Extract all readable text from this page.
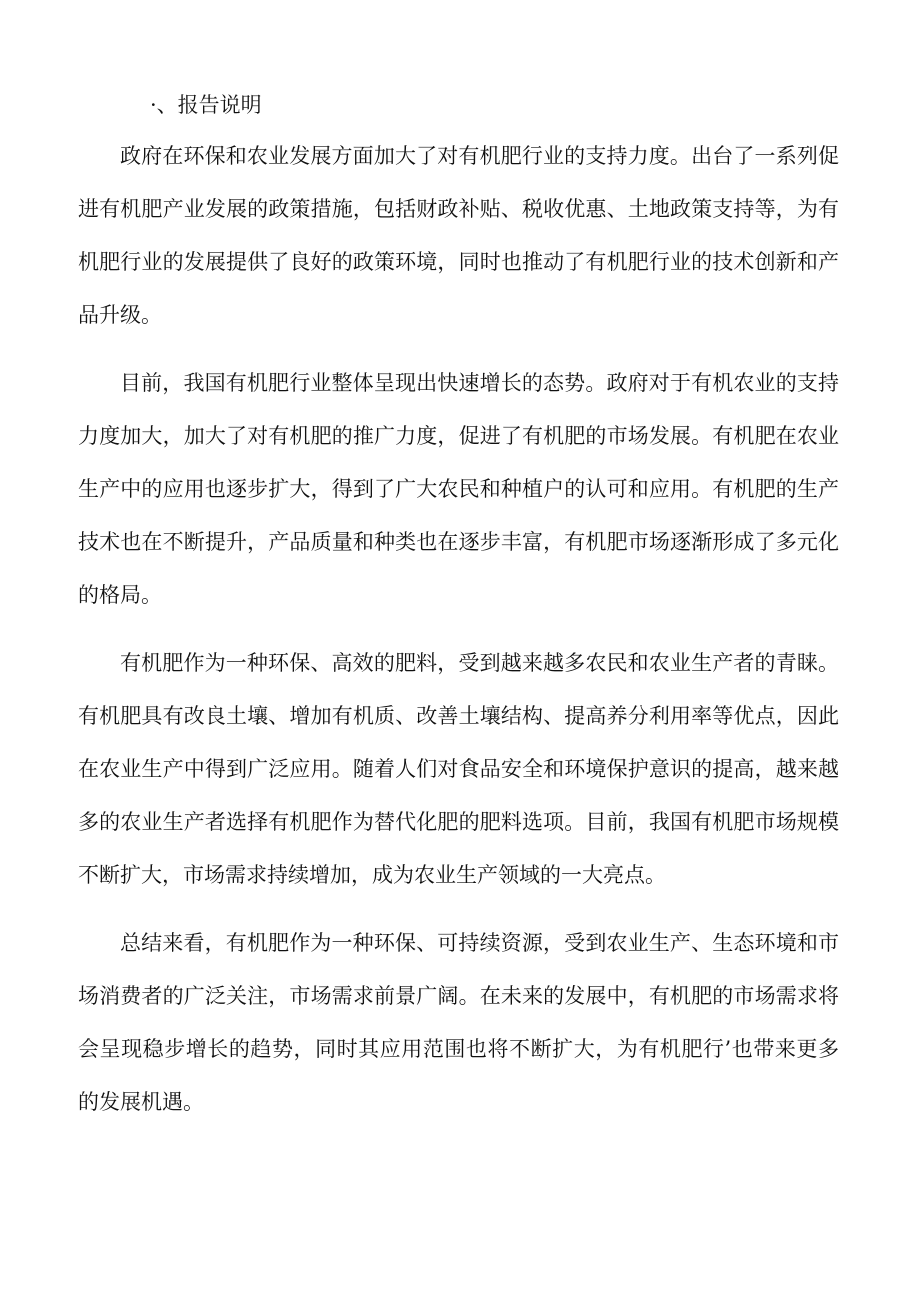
·、报告说明

政府在环保和农业发展方面加大了对有机肥行业的支持力度。出台了一系列促进有机肥产业发展的政策措施，包括财政补贴、税收优惠、土地政策支持等，为有机肥行业的发展提供了良好的政策环境，同时也推动了有机肥行业的技术创新和产品升级。

目前，我国有机肥行业整体呈现出快速增长的态势。政府对于有机农业的支持力度加大，加大了对有机肥的推广力度，促进了有机肥的市场发展。有机肥在农业生产中的应用也逐步扩大，得到了广大农民和种植户的认可和应用。有机肥的生产技术也在不断提升，产品质量和种类也在逐步丰富，有机肥市场逐渐形成了多元化的格局。

有机肥作为一种环保、高效的肥料，受到越来越多农民和农业生产者的青睐。有机肥具有改良土壤、增加有机质、改善土壤结构、提高养分利用率等优点，因此在农业生产中得到广泛应用。随着人们对食品安全和环境保护意识的提高，越来越多的农业生产者选择有机肥作为替代化肥的肥料选项。目前，我国有机肥市场规模不断扩大，市场需求持续增加，成为农业生产领域的一大亮点。

总结来看，有机肥作为一种环保、可持续资源，受到农业生产、生态环境和市场消费者的广泛关注，市场需求前景广阔。在未来的发展中，有机肥的市场需求将会呈现稳步增长的趋势，同时其应用范围也将不断扩大，为有机肥行’也带来更多的发展机遇。
